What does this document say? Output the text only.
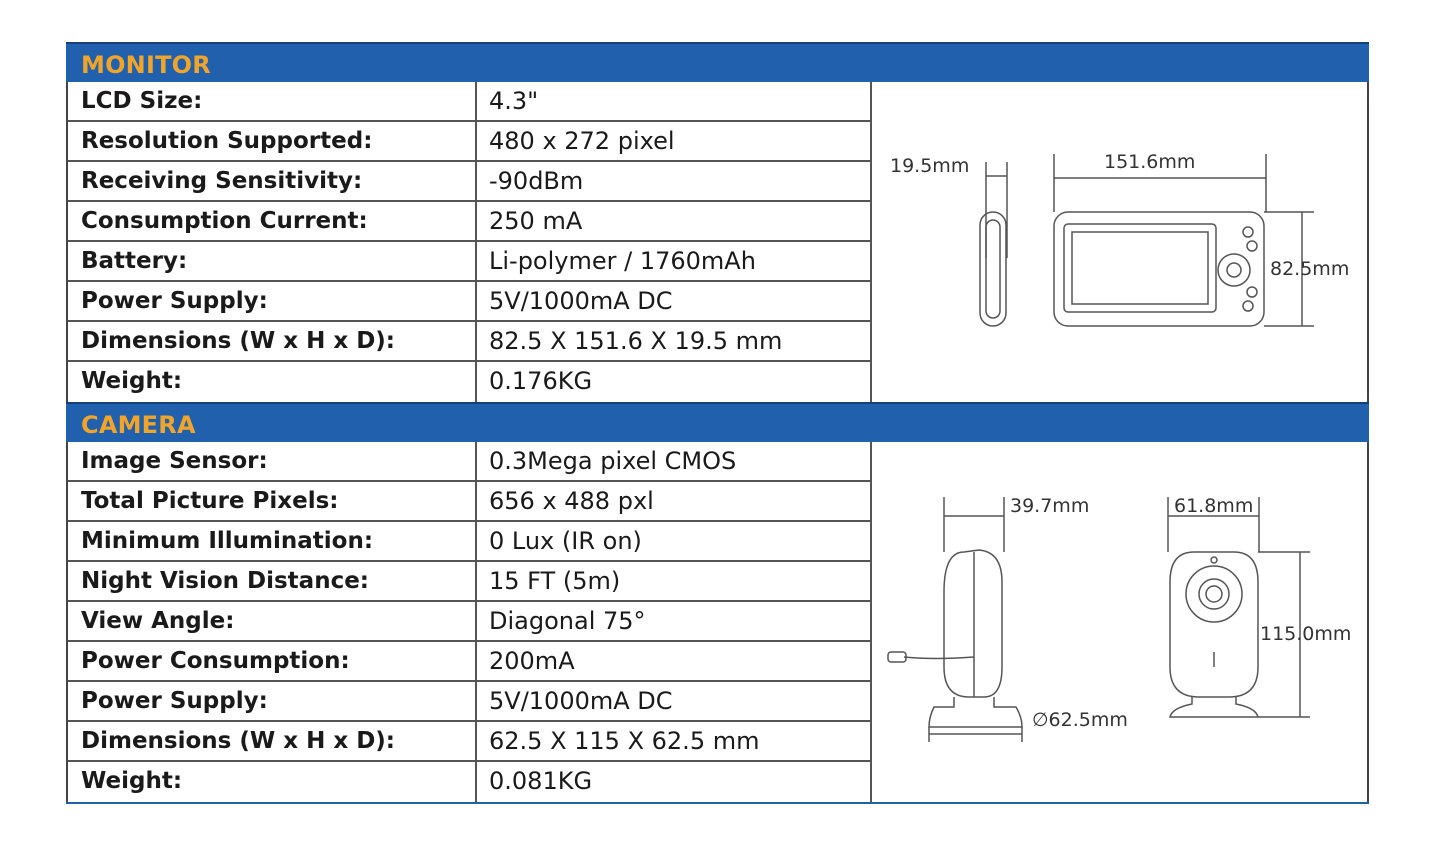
MONITOR
LCD Size:	4.3"
Resolution Supported:	480 x 272 pixel
Receiving Sensitivity:	-90dBm
Consumption Current:	250 mA
Battery:	Li-polymer / 1760mAh
Power Supply:	5V/1000mA DC
Dimensions (W x H x D):	82.5 X 151.6 X 19.5 mm
Weight:	0.176KG
19.5mm	151.6mm
82.5mm
CAMERA
Image Sensor:	0.3Mega pixel CMOS
Total Picture Pixels:	656 x 488 pxl
Minimum Illumination:	0 Lux (IR on)
Night Vision Distance:	15 FT (5m)
View Angle:	Diagonal 75°
Power Consumption:	200mA
Power Supply:	5V/1000mA DC
Dimensions (W x H x D):	62.5 X 115 X 62.5 mm
Weight:	0.081KG
39.7mm	61.8mm
115.0mm
∅62.5mm
